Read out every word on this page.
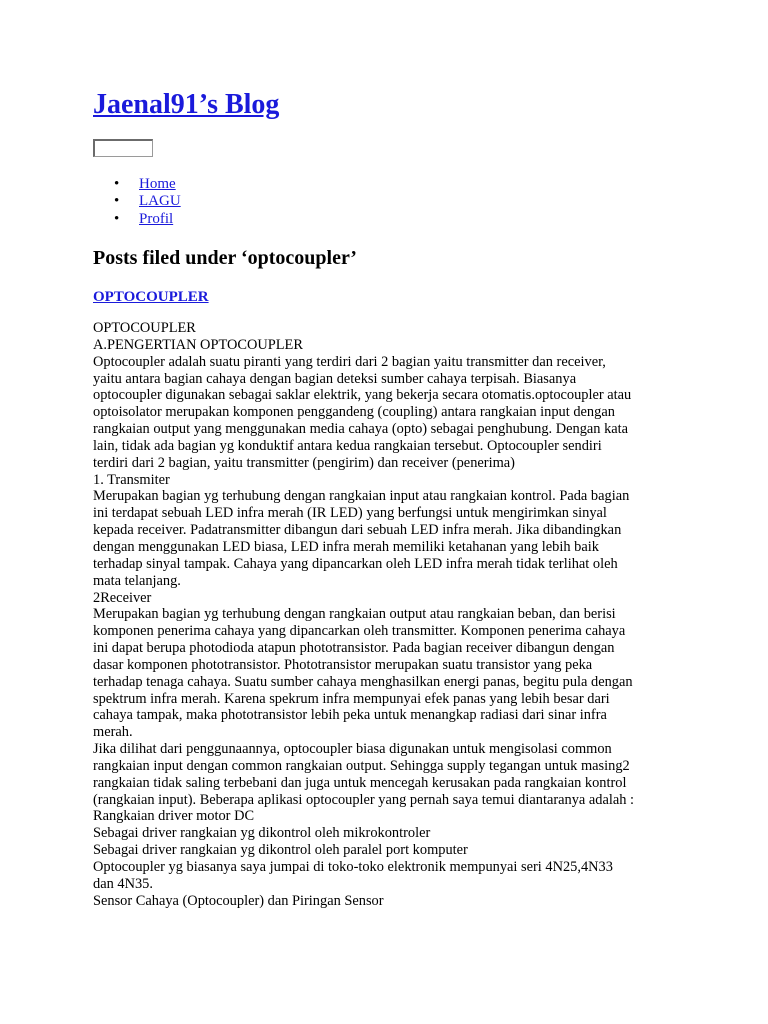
Jaenal91’s Blog
• Home
• LAGU
• Profil
Posts filed under ‘optocoupler’
OPTOCOUPLER
OPTOCOUPLER
A.PENGERTIAN OPTOCOUPLER
Optocoupler adalah suatu piranti yang terdiri dari 2 bagian yaitu transmitter dan receiver,
yaitu antara bagian cahaya dengan bagian deteksi sumber cahaya terpisah. Biasanya
optocoupler digunakan sebagai saklar elektrik, yang bekerja secara otomatis.optocoupler atau
optoisolator merupakan komponen penggandeng (coupling) antara rangkaian input dengan
rangkaian output yang menggunakan media cahaya (opto) sebagai penghubung. Dengan kata
lain, tidak ada bagian yg konduktif antara kedua rangkaian tersebut. Optocoupler sendiri
terdiri dari 2 bagian, yaitu transmitter (pengirim) dan receiver (penerima)
1. Transmiter
Merupakan bagian yg terhubung dengan rangkaian input atau rangkaian kontrol. Pada bagian
ini terdapat sebuah LED infra merah (IR LED) yang berfungsi untuk mengirimkan sinyal
kepada receiver. Padatransmitter dibangun dari sebuah LED infra merah. Jika dibandingkan
dengan menggunakan LED biasa, LED infra merah memiliki ketahanan yang lebih baik
terhadap sinyal tampak. Cahaya yang dipancarkan oleh LED infra merah tidak terlihat oleh
mata telanjang.
2Receiver
Merupakan bagian yg terhubung dengan rangkaian output atau rangkaian beban, dan berisi
komponen penerima cahaya yang dipancarkan oleh transmitter. Komponen penerima cahaya
ini dapat berupa photodioda atapun phototransistor. Pada bagian receiver dibangun dengan
dasar komponen phototransistor. Phototransistor merupakan suatu transistor yang peka
terhadap tenaga cahaya. Suatu sumber cahaya menghasilkan energi panas, begitu pula dengan
spektrum infra merah. Karena spekrum infra mempunyai efek panas yang lebih besar dari
cahaya tampak, maka phototransistor lebih peka untuk menangkap radiasi dari sinar infra
merah.
Jika dilihat dari penggunaannya, optocoupler biasa digunakan untuk mengisolasi common
rangkaian input dengan common rangkaian output. Sehingga supply tegangan untuk masing2
rangkaian tidak saling terbebani dan juga untuk mencegah kerusakan pada rangkaian kontrol
(rangkaian input). Beberapa aplikasi optocoupler yang pernah saya temui diantaranya adalah :
Rangkaian driver motor DC
Sebagai driver rangkaian yg dikontrol oleh mikrokontroler
Sebagai driver rangkaian yg dikontrol oleh paralel port komputer
Optocoupler yg biasanya saya jumpai di toko-toko elektronik mempunyai seri 4N25,4N33
dan 4N35.
Sensor Cahaya (Optocoupler) dan Piringan Sensor
